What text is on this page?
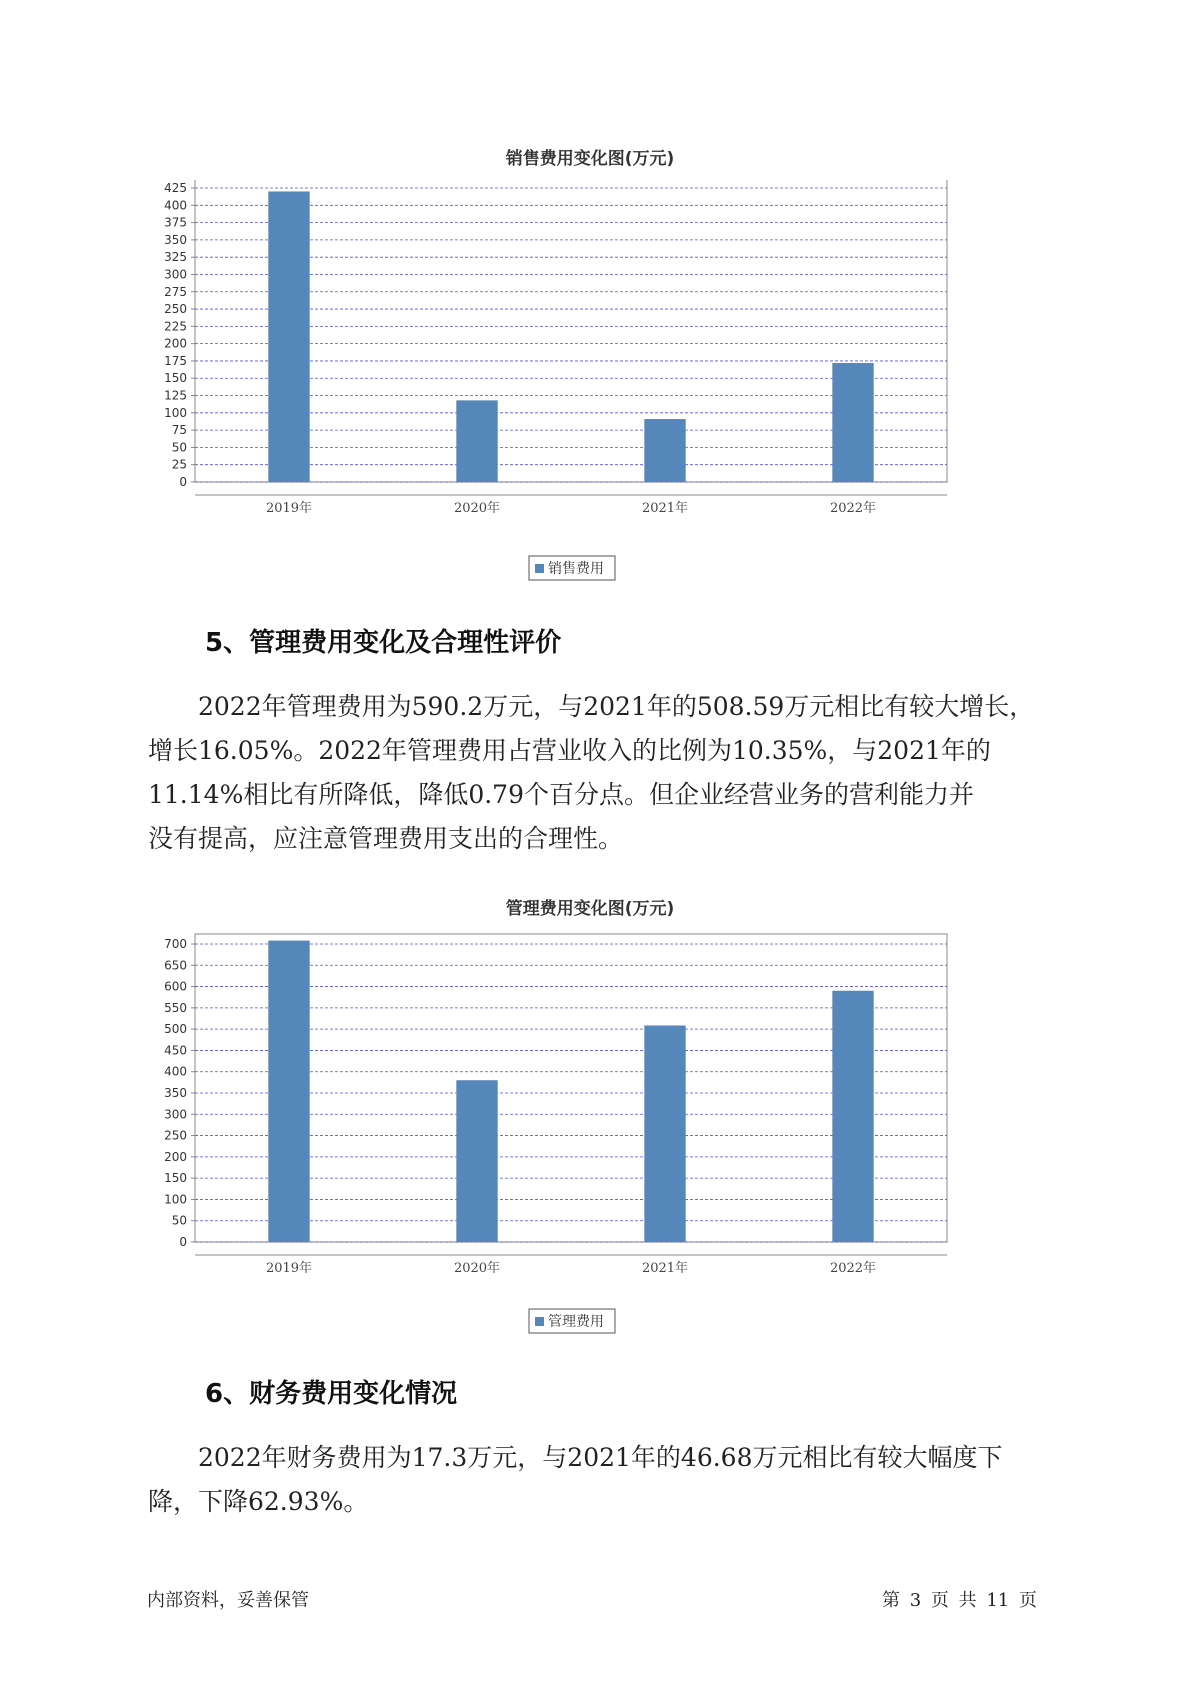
销售费用变化图(万元)
0
25
50
75
100
125
150
175
200
225
250
275
300
325
350
375
400
425
2019年	2020年	2021年	2022年
销售费用
5、管理费用变化及合理性评价
　　2022年管理费用为590.2万元，与2021年的508.59万元相比有较大增长，
增长16.05%。2022年管理费用占营业收入的比例为10.35%，与2021年的
11.14%相比有所降低，降低0.79个百分点。但企业经营业务的营利能力并
没有提高，应注意管理费用支出的合理性。
管理费用变化图(万元)
0
50
100
150
200
250
300
350
400
450
500
550
600
650
700
2019年	2020年	2021年	2022年
管理费用
6、财务费用变化情况
　　2022年财务费用为17.3万元，与2021年的46.68万元相比有较大幅度下
降，下降62.93%。
内部资料，妥善保管	第 3 页 共 11 页
